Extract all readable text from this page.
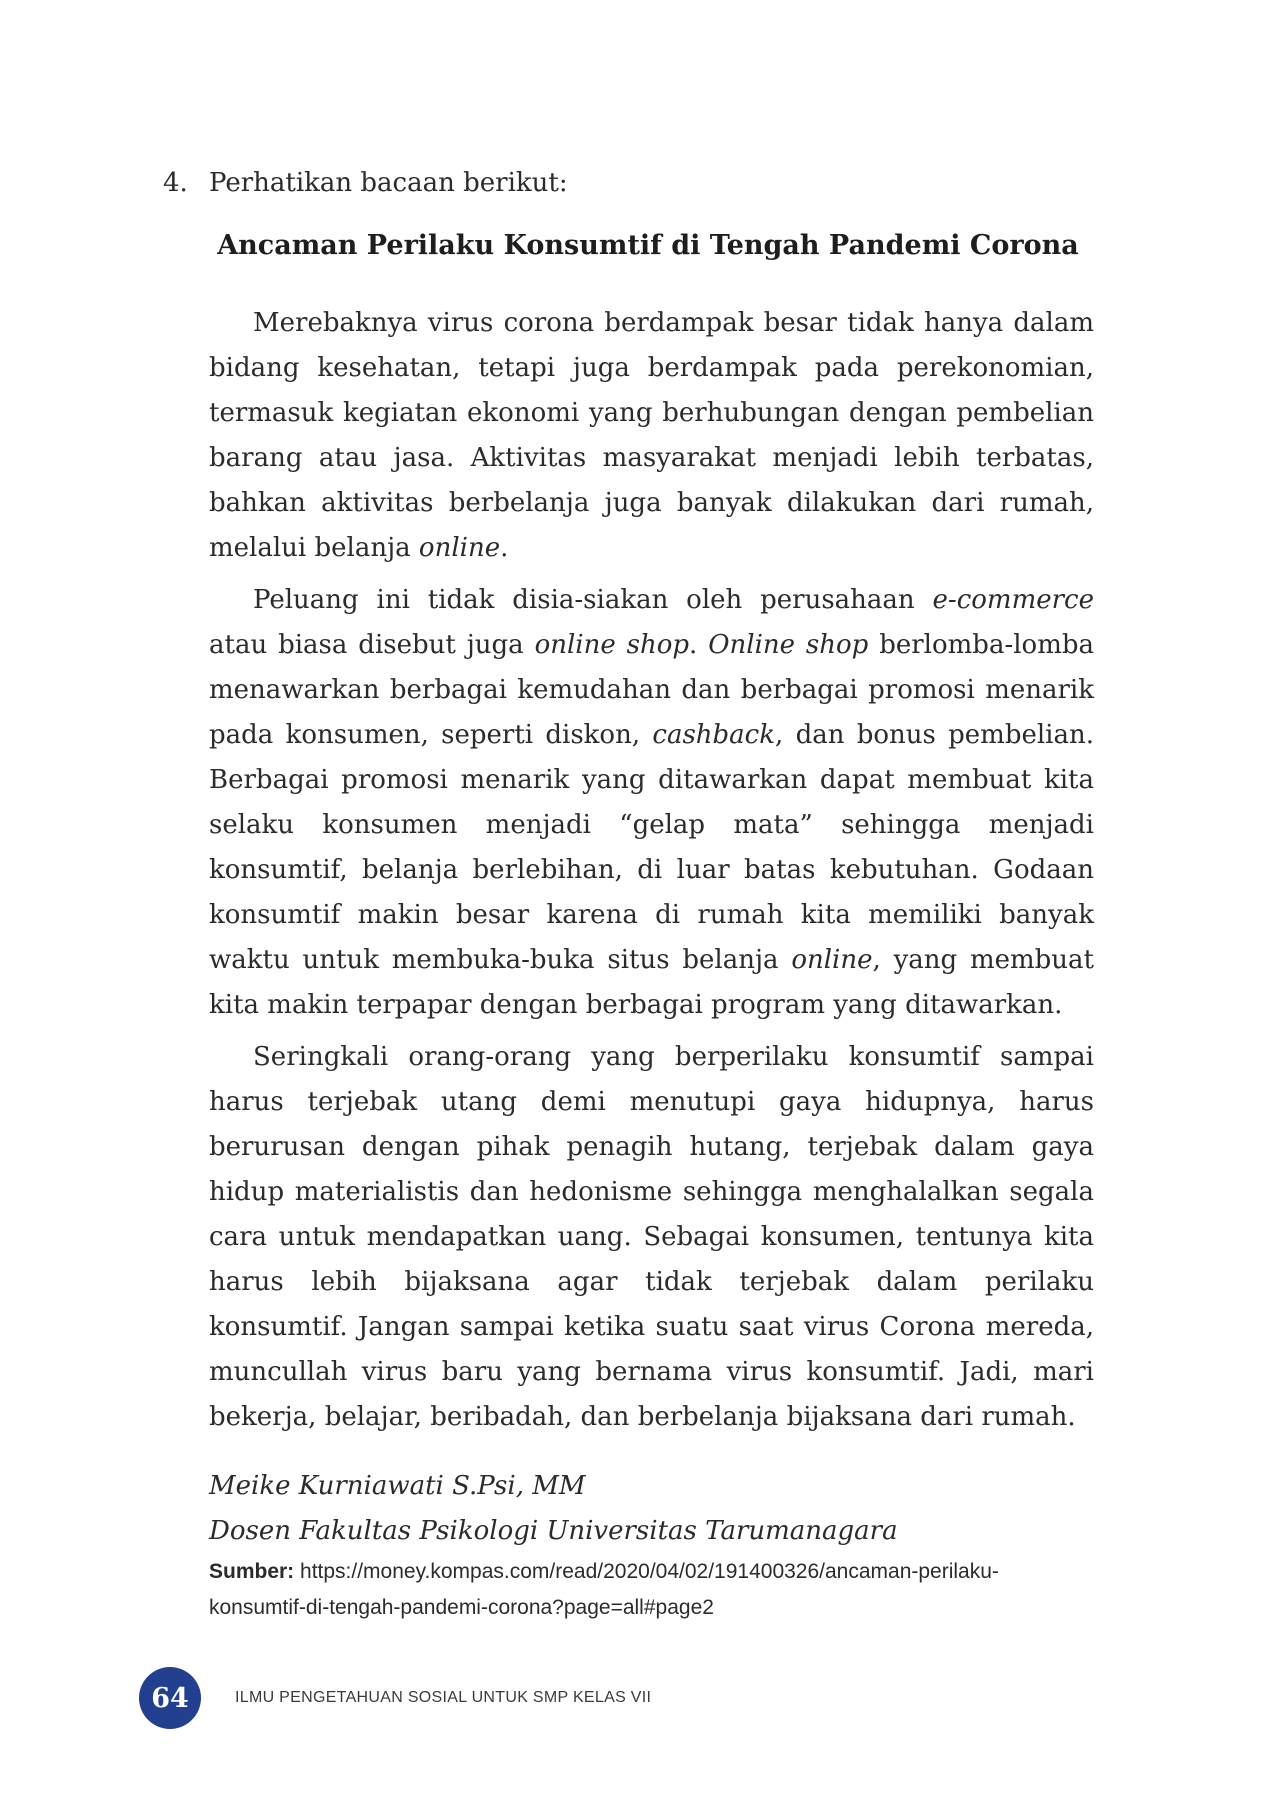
4. Perhatikan bacaan berikut:
Ancaman Perilaku Konsumtif di Tengah Pandemi Corona

Merebaknya virus corona berdampak besar tidak hanya dalam bidang kesehatan, tetapi juga berdampak pada perekonomian, termasuk kegiatan ekonomi yang berhubungan dengan pembelian barang atau jasa. Aktivitas masyarakat menjadi lebih terbatas, bahkan aktivitas berbelanja juga banyak dilakukan dari rumah, melalui belanja online.

Peluang ini tidak disia-siakan oleh perusahaan e-commerce atau biasa disebut juga online shop. Online shop berlomba-lomba menawarkan berbagai kemudahan dan berbagai promosi menarik pada konsumen, seperti diskon, cashback, dan bonus pembelian. Berbagai promosi menarik yang ditawarkan dapat membuat kita selaku konsumen menjadi “gelap mata” sehingga menjadi konsumtif, belanja berlebihan, di luar batas kebutuhan. Godaan konsumtif makin besar karena di rumah kita memiliki banyak waktu untuk membuka-buka situs belanja online, yang membuat kita makin terpapar dengan berbagai program yang ditawarkan.

Seringkali orang-orang yang berperilaku konsumtif sampai harus terjebak utang demi menutupi gaya hidupnya, harus berurusan dengan pihak penagih hutang, terjebak dalam gaya hidup materialistis dan hedonisme sehingga menghalalkan segala cara untuk mendapatkan uang. Sebagai konsumen, tentunya kita harus lebih bijaksana agar tidak terjebak dalam perilaku konsumtif. Jangan sampai ketika suatu saat virus Corona mereda, muncullah virus baru yang bernama virus konsumtif. Jadi, mari bekerja, belajar, beribadah, dan berbelanja bijaksana dari rumah.

Meike Kurniawati S.Psi, MM
Dosen Fakultas Psikologi Universitas Tarumanagara
Sumber: https://money.kompas.com/read/2020/04/02/191400326/ancaman-perilaku-konsumtif-di-tengah-pandemi-corona?page=all#page2
64	ILMU PENGETAHUAN SOSIAL UNTUK SMP KELAS VII
